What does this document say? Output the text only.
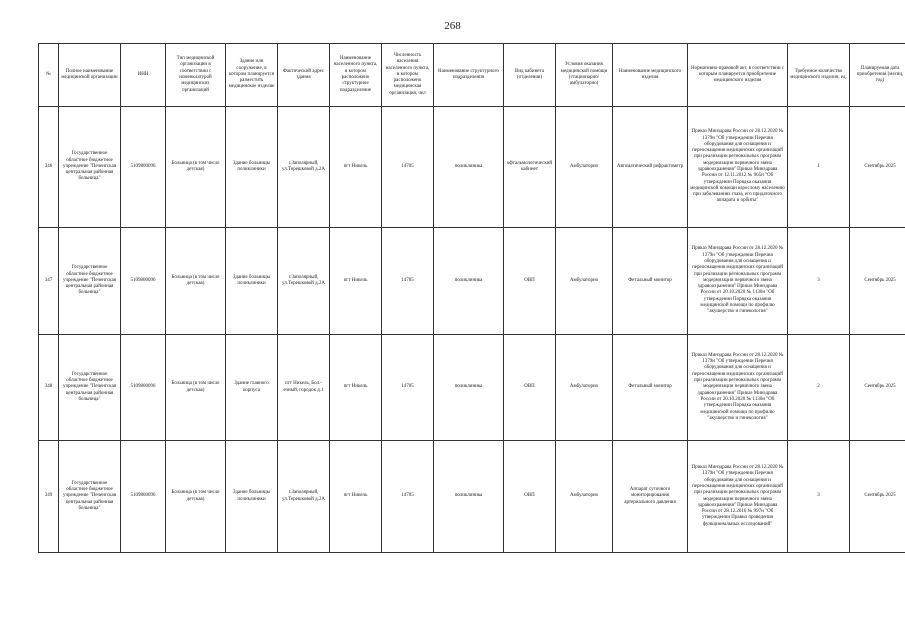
268
№	Полное наименование медицинской организации	ИНН	Тип медицинской организации в соответствии с номенклатурой медицинских организаций	Здание или сооружение, в котором планируется разместить медицинское изделие	Фактический адрес здания	Наименование населенного пункта, в котором расположено структурное подразделение	Численность населения населенного пункта, в котором расположено медицинская организация, чел	Наименование структурного подразделения	Вид кабинета (отделения)	Условия оказания медицинской помощи (стационарно/амбулаторно)	Наименование медицинского изделия	Нормативно-правовой акт, в соответствии с которым планируется приобретение медицинского изделия	Требуемое количество медицинского изделия, ед.	Планируемая дата приобретения (месяц, год)
346	Государственное областное бюджетное учреждение "Печенгская центральная районная больница"	5109800096	Больница (в том числе детская)	Здание больницы поликлиники	г.Заполярный, ул.Терешковой д.2А	пгт Никель	14705	поликлиника	офтальмологический кабинет	Амбулаторно	Автоматический рефрактометр	Приказ Минздрава России от 28.12.2020 № 1379н "Об утверждении Перечня оборудования для оснащения и переоснащения медицинских организаций при реализации региональных программ модернизации первичного звена здравоохранения" Приказ Минздрава России от 12.11.2012 № 905н "Об утверждении Порядка оказания медицинской помощи взрослому населению при заболеваниях глаза, его придаточного аппарата и орбиты"	1	Сентябрь 2025
347	Государственное областное бюджетное учреждение "Печенгская центральная районная больница"	5109800096	Больница (в том числе детская)	Здание больницы поликлиники	г.Заполярный, ул.Терешковой д.2А	пгт Никель	14705	поликлиника	ОВП	Амбулаторно	Фетальный монитор	Приказ Минздрава России от 28.12.2020 № 1379н "Об утверждении Перечня оборудования для оснащения и переоснащения медицинских организаций при реализации региональных программ модернизации первичного звена здравоохранения" Приказ Минздрава России от 20.10.2020 № 1130н "Об утверждении Порядка оказания медицинской помощи по профилю "акушерство и гинекология"	3	Сентябрь 2025
348	Государственное областное бюджетное учреждение "Печенгская центральная районная больница"	5109800096	Больница (в том числе детская)	Здание главного корпуса	пгт Никель, Бол.-ечный, городок д.1	пгт Никель	14705	поликлиника	ОВП	Амбулаторно	Фетальный монитор	Приказ Минздрава России от 28.12.2020 № 1379н "Об утверждении Перечня оборудования для оснащения и переоснащения медицинских организаций при реализации региональных программ модернизации первичного звена здравоохранения" Приказ Минздрава России от 20.10.2020 № 1130н "Об утверждении Порядка оказания медицинской помощи по профилю "акушерство и гинекология"	2	Сентябрь 2025
349	Государственное областное бюджетное учреждение "Печенгская центральная районная больница"	5109800096	Больница (в том числе детская)	Здание больницы поликлиники	г.Заполярный, ул.Терешковой д.2А	пгт Никель	14705	поликлиника	ОВП	Амбулаторно	Аппарат суточного мониторирования артериального давления	Приказ Минздрава России от 28.12.2020 № 1379н "Об утверждении Перечня оборудования для оснащения и переоснащения медицинских организаций при реализации региональных программ модернизации первичного звена здравоохранения" Приказ Минздрава России от 28.12.2016 № 997н "Об утверждении Правил проведения функциональных исследований"	3	Сентябрь 2025
